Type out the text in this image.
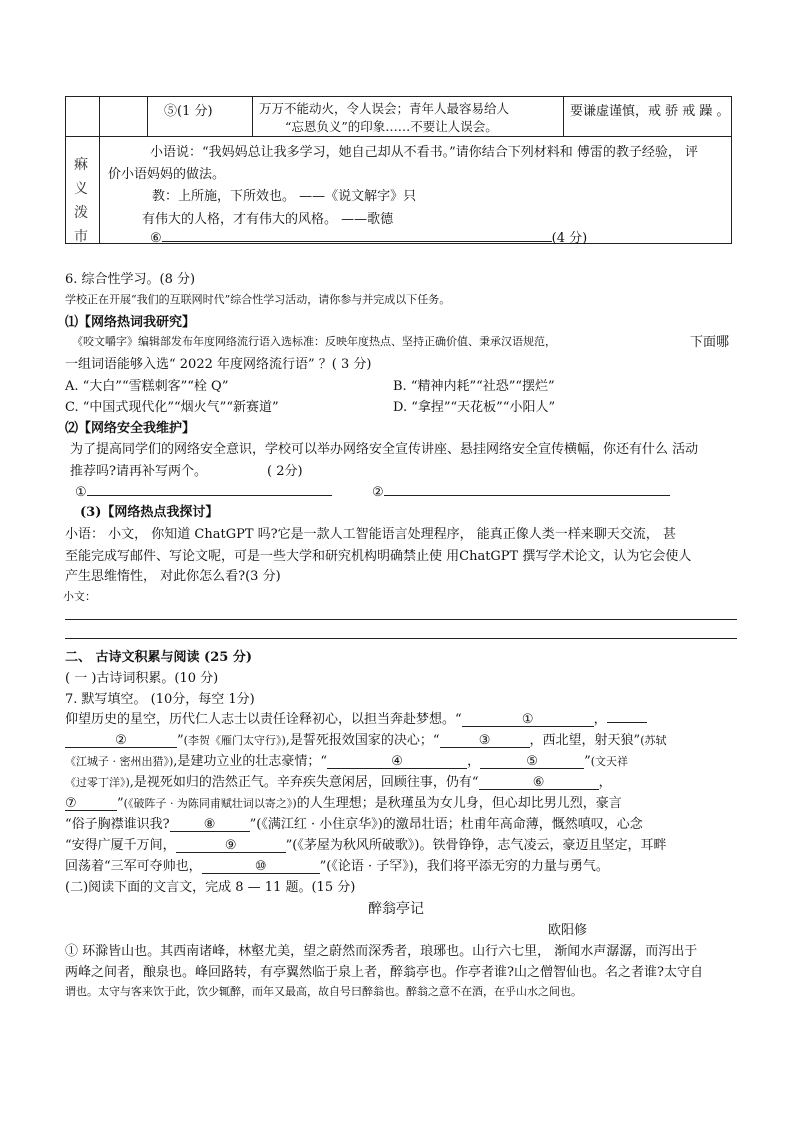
		⑤(1 分)	万万不能动火，令人误会；青年人最容易给人
“忘恩负义”的印象……不要让人误会。	要谦虚谨慎，戒 骄 戒 躁 。

痳义泼巿	小语说：“我妈妈总让我多学习，她自己却从不看书。”请你结合下列材料和 傅雷的教子经验， 评
价小语妈妈的做法。
教：上所施，下所效也。 ——《说文解字》只
有伟大的人格，才有伟大的风格。 ——歌德
⑥ (4 分)			
6. 综合性学习。(8 分)
学校正在开展“我们的互联网时代”综合性学习活动，请你参与并完成以下任务。
⑴【网络热词我研究】
《咬文嚼字》编辑部发布年度网络流行语入选标准：反映年度热点、坚持正确价值、秉承汉语规范，	下面哪
一组词语能够入选“ 2022 年度网络流行语” ？( 3 分)
A. “大白”“雪糕刺客”“栓 Q”	B. “精神内耗”“社恐”“摆烂”
C. “中国式现代化”“烟火气”“新赛道”	D. “拿捏”“天花板”“小阳人”
⑵【网络安全我维护】
为了提高同学们的网络安全意识，学校可以举办网络安全宣传讲座、悬挂网络安全宣传横幅，你还有什么 活动
推荐吗?请再补写两个。	( 2分)
①	②
(3)【网络热点我探讨】
小语： 小文， 你知道 ChatGPT 吗?它是一款人工智能语言处理程序， 能真正像人类一样来聊天交流， 甚
至能完成写邮件、写论文呢，可是一些大学和研究机构明确禁止使 用ChatGPT 撰写学术论文，认为它会使人
产生思维惰性， 对此你怎么看?(3 分)
小文：
二、 古诗文积累与阅读 (25 分)
( 一 )古诗词积累。(10 分)
7. 默写填空。 (10分，每空 1分)
仰望历史的星空，历代仁人志士以责任诠释初心，以担当奔赴梦想。“	①	，
②	”(李贺《雁门太守行》),是誓死报效国家的决心；“	③	，西北望，射天狼”(苏轼
《江城子 · 密州出猎》),是建功立业的壮志豪情；“	④	，	⑤	”(文天祥
《过零丁洋》),是视死如归的浩然正气。辛弃疾失意闲居，回顾往事，仍有“	⑥	，
⑦	”(《破阵子 · 为陈同甫赋壮词以寄之》)的人生理想；是秋瑾虽为女儿身，但心却比男儿烈，豪言
“俗子胸襟谁识我?	⑧	”(《满江红 · 小住京华》)的激昂壮语；杜甫年高命薄，慨然嗔叹，心念
“安得广厦千万间，	⑨	”(《茅屋为秋风所破歌》)。铁骨铮铮，志气凌云，豪迈且坚定，耳畔
回荡着“三军可夺帅也，	⑩	”(《论语 · 子罕》)，我们将平添无穷的力量与勇气。
(二)阅读下面的文言文，完成 8 — 11 题。(15 分)
醉翁亭记
欧阳修
① 环滁皆山也。其西南诸峰，林壑尤美，望之蔚然而深秀者，琅琊也。山行六七里， 渐闻水声潺潺，而泻出于
两峰之间者，酿泉也。峰回路转，有亭翼然临于泉上者，醉翁亭也。作亭者谁?山之僧智仙也。名之者谁?太守自
谓也。太守与客来饮于此，饮少辄醉，而年又最高，故自号曰醉翁也。醉翁之意不在酒，在乎山水之间也。
